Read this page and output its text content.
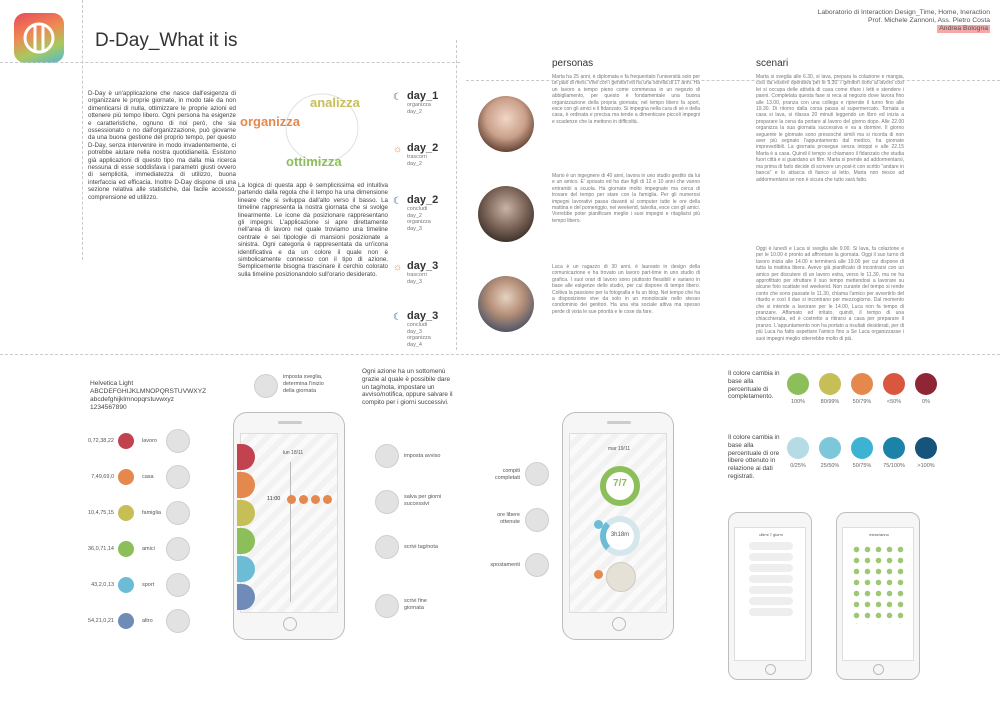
D-Day_What it is
Laboratorio di Interaction Design_Time, Home, Ineraction
Prof. Michele Zannoni, Ass. Pietro Costa
Andrea Bologna
D-Day è un'applicazione che nasce dall'esigenza di organizzare le proprie giornate, in modo tale da non dimenticarsi di nulla, ottimizzare le proprie azioni ed ottenere più tempo libero. Ogni persona ha esigenze e caratteristiche, ognuno di noi però, che sia ossessionato o no dall'organizzazione, può giovarne da una buona gestione del proprio tempo, per questo D-Day, senza intervenire in modo invadentemente, ci potrebbe aiutare nella nostra quotidianeità. Esistono già applicazioni di questo tipo ma dalla mia ricerca nessuna di esse soddisfava i parametri giusti ovvero di semplicità, immediatezza di utilizzo, buona interfaccia ed efficacia. Inoltre D-Day dispone di una sezione relativa alle statistiche, dai facile accesso, comprensione ed utilizzo.
analizza
organizza
ottimizza
La logica di questa app è semplicissima ed intuitiva partendo dalla regola che il tempo ha una dimensione lineare che si sviluppa dall'alto verso il basso. La timeline rappresenta la nostra giornata che si svolge linearmente. Le icone da posizionare rappresentano gli impegni. L'applicazione si apre direttamente nell'area di lavoro nel quale troviamo una timeline centrale e sei tipologie di mansioni posizionate a sinistra. Ogni categoria è rappresentata da un'icona identificativa e da un colore il quale non è simbolicamente connesso con il tipo di azione. Semplicemente bisogna trascinare il cerchio colorato sulla timeline posizionandolo sull'orario desiderato.
☾ day_1
organizza
day_2
☼ day_2
trascorri
day_2
☾ day_2
concludi
day_2
organizza
day_3
☼ day_3
trascorri
day_3
☾ day_3
concludi
day_3
organizza
day_4
personas
Marta ha 25 anni, è diplomata e fa frequentato l'università solo per un paio di mesi. Vive con i genitori ed ha una sorella di 17 anni. Ha un lavoro a tempo pieno come commessa in un negozio di abbigliamento, per questo è fondamentale una buona organizzazione della propria giornata; nel tempo libero fa sport, esce con gli amici e il fidanzato. Si impegna nella cura di sé e della casa, è ordinata e precisa ma tende a dimenticare piccoli impegni e scadenze che la mettono in difficoltà.
Mario è un ingegnere di 40 anni, lavora in uno studio gestito da lui e un amico. E' sposato ed ha due figli di 12 e 10 anni che vanno entrambi a scuola. Ha giornate molto impegnate ma cerca di trovare del tempo per stare con la famiglia. Per gli numerosi impegni lavorativi passa davanti al computer tutte le ore della mattina e del pomeriggio, nei weekend, talvolta, esce con gli amici. Vorrebbe poter pianificare meglio i suoi impegni e ritagliarsi più tempo libero.
Luca è un ragazzo di 30 anni, è laureato in design della comunicazione e ha trovato un lavoro part-time in uno studio di grafica. I suoi orari di lavoro sono piuttosto flessibili e variano in base alle esigenze dello studio, per cui dispone di tempo libero. Coltiva la passione per la fotografia e fa un blog. Nel tempo che ha a disposizione vive da solo in un monolocale nello stesso condominio dei genitori. Ha una vita sociale attiva ma spesso perde di vista le sue priorità e le cose da fare.
scenari
Marta si sveglia alle 6.30, si lava, prepara la colazione e mangia, così da essere operativa per le 9.30. I genitori sono al lavoro così lei si occupa delle attività di casa come rifare i letti e stendere i panni. Completata questa fase si reca al negozio dove lavora fino alle 13.00, pranza con una collega e riprende il turno fino alle 19.30. Di ritorno dalla corsa passa al supermercato. Tornata a casa si lava, si rilassa 20 minuti leggendo un libro ed inizia a preparare la cena da portare al lavoro del giorno dopo. Alle 22.00 organizza la sua giornata successiva e va a dormire. Il giorno seguente le giornate sono pressoché simili ma si ricorda di non aver più segnato l'appuntamento dal medico, ha giornate imprevedibili. La giornata prosegue senza intoppi e alle 22.15 Marta è a casa. Quindi il tempo si chiamano il fidanzato che studia fuori città e si guardano un film. Marta si prende ad addormentarsi, ma prima di farlo decide di scrivere un post-it con scritto "andare in banca" e lo attacca di fianco al letto. Marta non riesce ad addormentarsi se non è sicura che tutto sarà fatto.
Oggi è lunedì e Luca si sveglia alle 9.00. Si lava, fa colazione e per le 10.00 è pronto ad affrontare la giornata. Oggi il suo turno di lavoro inizia alle 14.00 e terminerà alle 19.00 per cui dispone di tutta la mattina libera. Avevo già pianificato di incontrarsi con un amico per discutere di un lavoro extra, verso le 11.30, ma ne ha approfittato per sfruttare il suo tempo mettendosi a lavorare su alcune foto scattate nel weekend. Non curante del tempo si rende conto che sono passate le 11.30, chiama l'amico per avvertirlo del ritardo e così il due si incontrano per mezzogiorno. Dal momento che si intende a lavorare per le 14.00, Luca non fa tempo di pranzare. Affamato ed irritato, quindi, il tempo di una chiacchierata, ed è costretto a ritirarsi a casa per preparare il pranzo. L'appuntamento non ha portato a risultati desiderati, per di più Luca ha fatto aspettare l'amico fino a Se Luca organizzasse i suoi impegni meglio otterrebbe molto di più.
Helvetica Light
ABCDEFGHIJKLMNOPQRSTUVWXYZ
abcdefghijklmnopqrstuvwxyz
1234567890
0,72,38,22	lavoro
7,49,69,0	casa
10,4,75,15	famiglia
36,0,71,14	amici
43,2,0,13	sport
54,21,0,21	altro
lun 18/11
11:00
imposta sveglia,
determina l'inizio
della giornata
Ogni azione ha un sottomenù grazie al quale è possibile dare un tag/nota, impostare un avviso/notifica, oppure salvare il compito per i giorni successivi.
imposta avviso
salva per giorni
successivi
scrivi tag/nota
scrivi fine
giornata
mar 19/11
7/7
3h18m
compiti
completati
ore libere
ottenute
spostamenti
Il colore cambia in base alla percentuale di completamento.
100%	80/99%	50/79%	<50%	0%
Il colore cambia in base alla percentuale di ore libere ottenuto in relazione ai dati registrati.
0/25%	25/50%	50/75%	75/100%	>100%
ultimi 7 giorni	mese/anno
